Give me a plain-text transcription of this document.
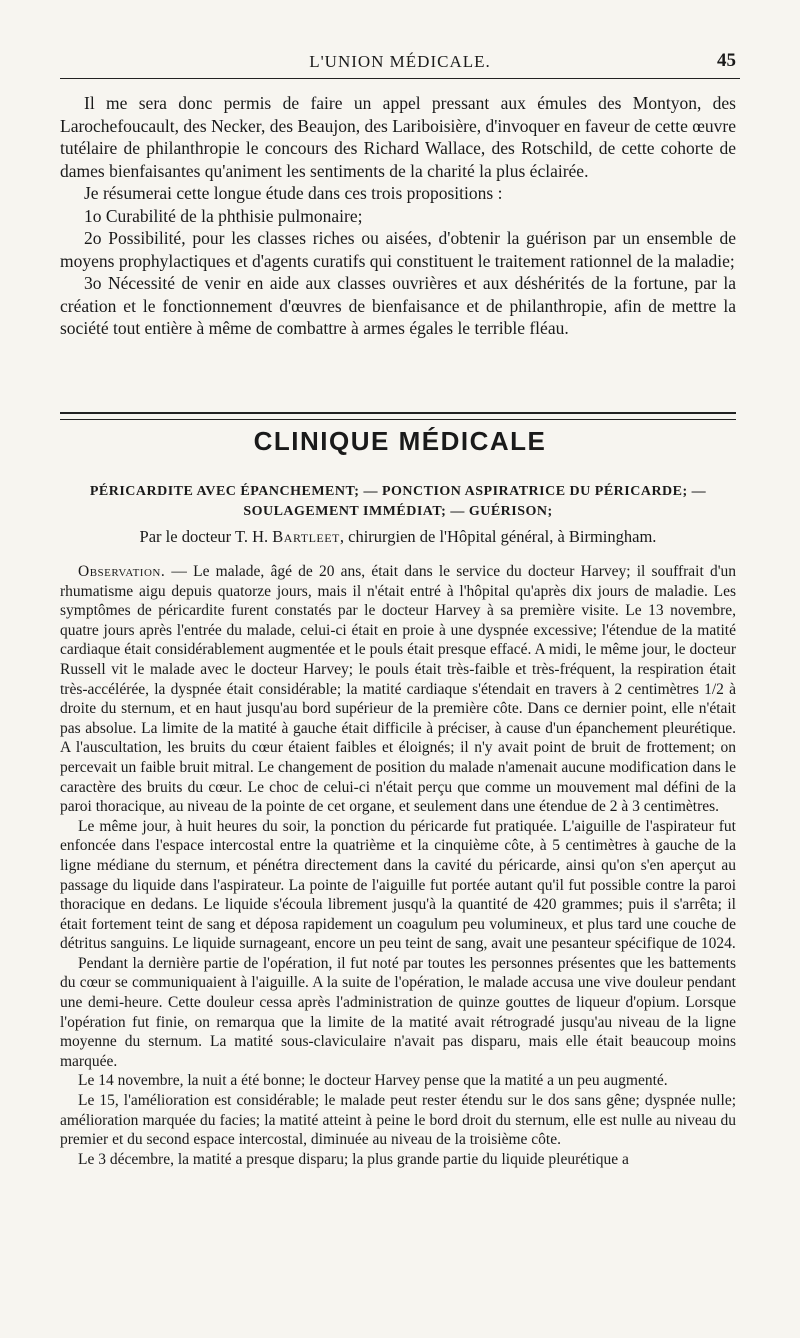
L'UNION MÉDICALE.	45

Il me sera donc permis de faire un appel pressant aux émules des Montyon, des Larochefoucault, des Necker, des Beaujon, des Lariboisière, d'invoquer en faveur de cette œuvre tutélaire de philanthropie le concours des Richard Wallace, des Rotschild, de cette cohorte de dames bienfaisantes qu'animent les sentiments de la charité la plus éclairée.

Je résumerai cette longue étude dans ces trois propositions :

1o Curabilité de la phthisie pulmonaire;

2o Possibilité, pour les classes riches ou aisées, d'obtenir la guérison par un ensemble de moyens prophylactiques et d'agents curatifs qui constituent le traitement rationnel de la maladie;

3o Nécessité de venir en aide aux classes ouvrières et aux déshérités de la fortune, par la création et le fonctionnement d'œuvres de bienfaisance et de philanthropie, afin de mettre la société tout entière à même de combattre à armes égales le terrible fléau.

CLINIQUE MÉDICALE
PÉRICARDITE AVEC ÉPANCHEMENT; — PONCTION ASPIRATRICE DU PÉRICARDE; —
SOULAGEMENT IMMÉDIAT; — GUÉRISON;
Par le docteur T. H. Bartleet, chirurgien de l'Hôpital général, à Birmingham.

Observation. — Le malade, âgé de 20 ans, était dans le service du docteur Harvey; il souffrait d'un rhumatisme aigu depuis quatorze jours, mais il n'était entré à l'hôpital qu'après dix jours de maladie. Les symptômes de péricardite furent constatés par le docteur Harvey à sa première visite. Le 13 novembre, quatre jours après l'entrée du malade, celui-ci était en proie à une dyspnée excessive; l'étendue de la matité cardiaque était considérablement augmentée et le pouls était presque effacé. A midi, le même jour, le docteur Russell vit le malade avec le docteur Harvey; le pouls était très-faible et très-fréquent, la respiration était très-accélérée, la dyspnée était considérable; la matité cardiaque s'étendait en travers à 2 centimètres 1/2 à droite du sternum, et en haut jusqu'au bord supérieur de la première côte. Dans ce dernier point, elle n'était pas absolue. La limite de la matité à gauche était difficile à préciser, à cause d'un épanchement pleurétique. A l'auscultation, les bruits du cœur étaient faibles et éloignés; il n'y avait point de bruit de frottement; on percevait un faible bruit mitral. Le changement de position du malade n'amenait aucune modification dans le caractère des bruits du cœur. Le choc de celui-ci n'était perçu que comme un mouvement mal défini de la paroi thoracique, au niveau de la pointe de cet organe, et seulement dans une étendue de 2 à 3 centimètres.

Le même jour, à huit heures du soir, la ponction du péricarde fut pratiquée. L'aiguille de l'aspirateur fut enfoncée dans l'espace intercostal entre la quatrième et la cinquième côte, à 5 centimètres à gauche de la ligne médiane du sternum, et pénétra directement dans la cavité du péricarde, ainsi qu'on s'en aperçut au passage du liquide dans l'aspirateur. La pointe de l'aiguille fut portée autant qu'il fut possible contre la paroi thoracique en dedans. Le liquide s'écoula librement jusqu'à la quantité de 420 grammes; puis il s'arrêta; il était fortement teint de sang et déposa rapidement un coagulum peu volumineux, et plus tard une couche de détritus sanguins. Le liquide surnageant, encore un peu teint de sang, avait une pesanteur spécifique de 1024.

Pendant la dernière partie de l'opération, il fut noté par toutes les personnes présentes que les battements du cœur se communiquaient à l'aiguille. A la suite de l'opération, le malade accusa une vive douleur pendant une demi-heure. Cette douleur cessa après l'administration de quinze gouttes de liqueur d'opium. Lorsque l'opération fut finie, on remarqua que la limite de la matité avait rétrogradé jusqu'au niveau de la ligne moyenne du sternum. La matité sous-claviculaire n'avait pas disparu, mais elle était beaucoup moins marquée.

Le 14 novembre, la nuit a été bonne; le docteur Harvey pense que la matité a un peu augmenté.

Le 15, l'amélioration est considérable; le malade peut rester étendu sur le dos sans gêne; dyspnée nulle; amélioration marquée du facies; la matité atteint à peine le bord droit du sternum, elle est nulle au niveau du premier et du second espace intercostal, diminuée au niveau de la troisième côte.

Le 3 décembre, la matité a presque disparu; la plus grande partie du liquide pleurétique a
